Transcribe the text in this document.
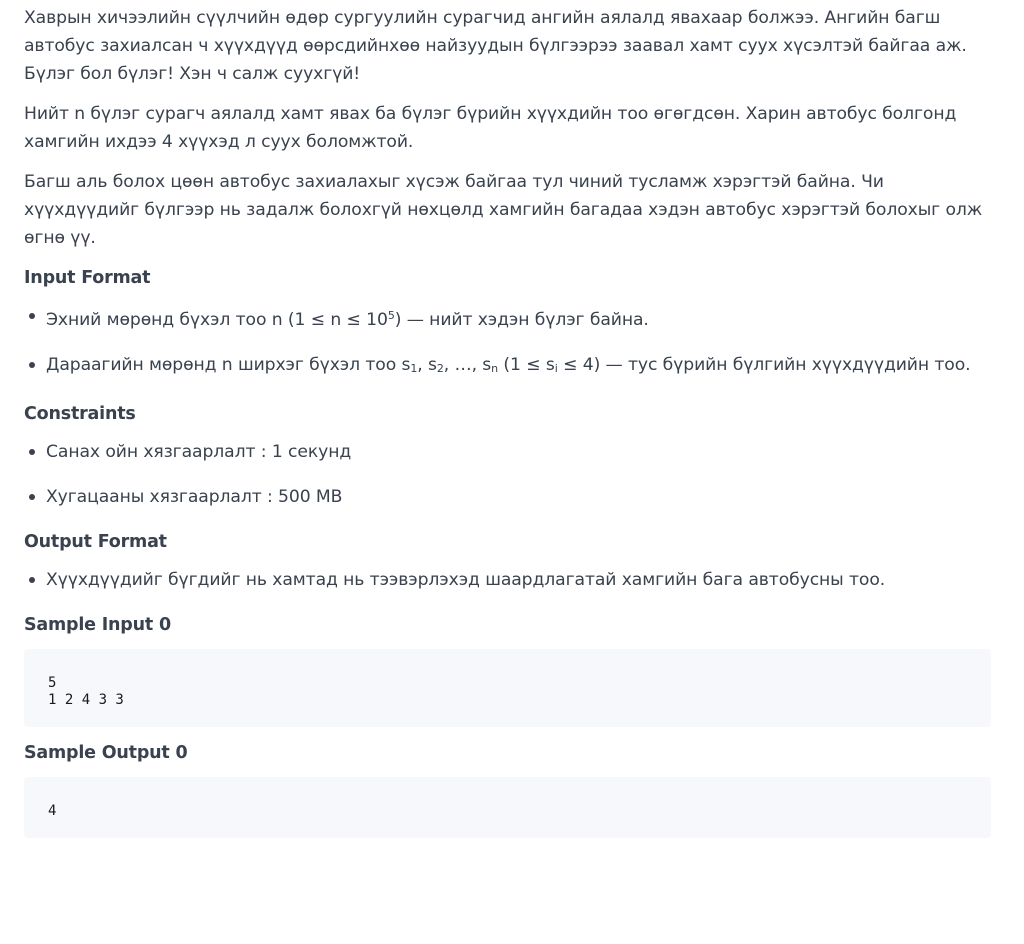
Хаврын хичээлийн сүүлчийн өдөр сургуулийн сурагчид ангийн аялалд явахаар болжээ. Ангийн багш автобус захиалсан ч хүүхдүүд өөрсдийнхөө найзуудын бүлгээрээ заавал хамт суух хүсэлтэй байгаа аж. Бүлэг бол бүлэг! Хэн ч салж суухгүй!

Нийт n бүлэг сурагч аялалд хамт явах ба бүлэг бүрийн хүүхдийн тоо өгөгдсөн. Харин автобус болгонд хамгийн ихдээ 4 хүүхэд л суух боломжтой.

Багш аль болох цөөн автобус захиалахыг хүсэж байгаа тул чиний тусламж хэрэгтэй байна. Чи хүүхдүүдийг бүлгээр нь задалж болохгүй нөхцөлд хамгийн багадаа хэдэн автобус хэрэгтэй болохыг олж өгнө үү.

Input Format
Эхний мөрөнд бүхэл тоо n $(1 \le n \le 10^5)$ — нийт хэдэн бүлэг байна.
Дараагийн мөрөнд n ширхэг бүхэл тоо s1, s2, …, sn (1 ≤ si ≤ 4) — тус бүрийн бүлгийн хүүхдүүдийн тоо.
Constraints
Санах ойн хязгаарлалт : 1 секунд
Хугацааны хязгаарлалт : 500 MB
Output Format
Хүүхдүүдийг бүгдийг нь хамтад нь тээвэрлэхэд шаардлагатай хамгийн бага автобусны тоо.
Sample Input 0
5
1 2 4 3 3
Sample Output 0
4
